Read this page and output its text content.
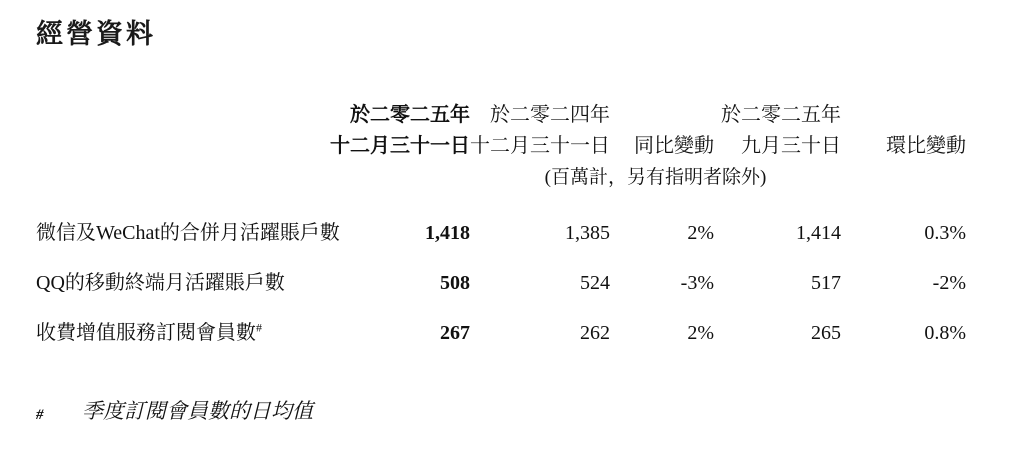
經營資料
	於二零二五年	於二零二四年		於二零二五年	
	十二月三十一日	十二月三十一日	同比變動	九月三十日	環比變動
		(百萬計，另有指明者除外)			
微信及WeChat的合併月活躍賬戶數	1,418	1,385	2%	1,414	0.3%
QQ的移動終端月活躍賬戶數	508	524	-3%	517	-2%
收費增值服務訂閱會員數#	267	262	2%	265	0.8%
#	季度訂閱會員數的日均值
